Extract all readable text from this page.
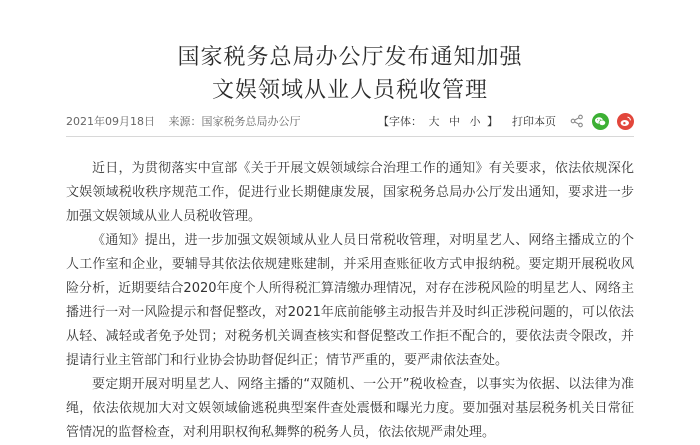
国家税务总局办公厅发布通知加强
文娱领域从业人员税收管理
2021年09月18日 来源：国家税务总局办公厅	【字体： 大 中 小 】 打印本页

近日，为贯彻落实中宣部《关于开展文娱领域综合治理工作的通知》有关要求，依法依规深化文娱领域税收秩序规范工作，促进行业长期健康发展，国家税务总局办公厅发出通知，要求进一步加强文娱领域从业人员税收管理。

《通知》提出，进一步加强文娱领域从业人员日常税收管理，对明星艺人、网络主播成立的个人工作室和企业，要辅导其依法依规建账建制，并采用查账征收方式申报纳税。要定期开展税收风险分析，近期要结合2020年度个人所得税汇算清缴办理情况，对存在涉税风险的明星艺人、网络主播进行一对一风险提示和督促整改，对2021年底前能够主动报告并及时纠正涉税问题的，可以依法从轻、减轻或者免予处罚；对税务机关调查核实和督促整改工作拒不配合的，要依法责令限改，并提请行业主管部门和行业协会协助督促纠正；情节严重的，要严肃依法查处。

要定期开展对明星艺人、网络主播的“双随机、一公开”税收检查，以事实为依据、以法律为准绳，依法依规加大对文娱领域偷逃税典型案件查处震慑和曝光力度。要加强对基层税务机关日常征管情况的监督检查，对利用职权徇私舞弊的税务人员，依法依规严肃处理。
